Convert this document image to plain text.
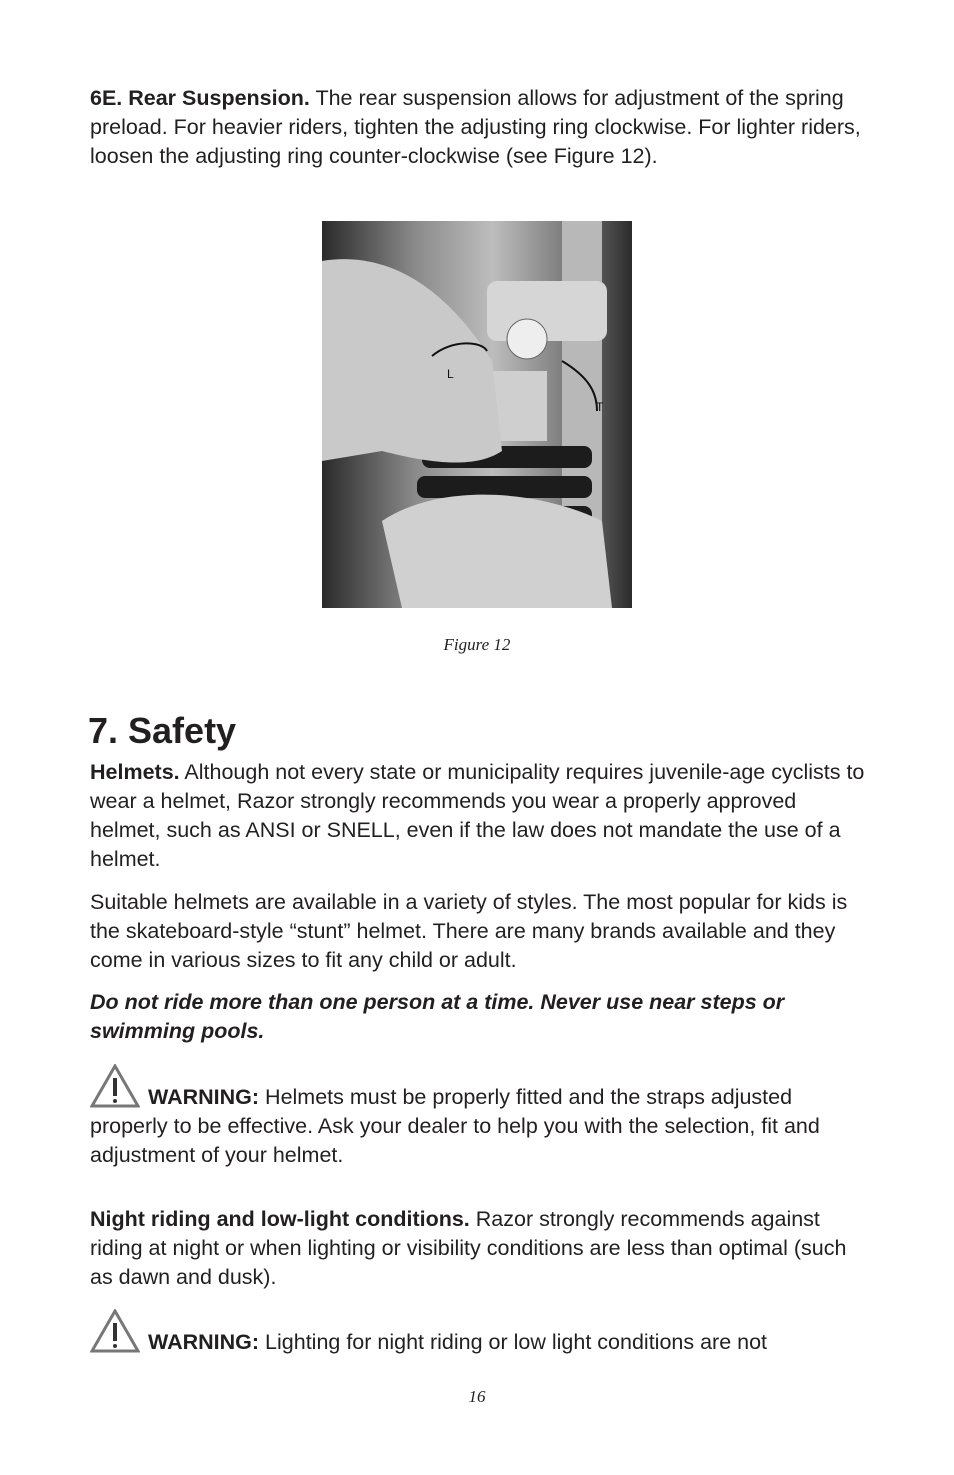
6E. Rear Suspension. The rear suspension allows for adjustment of the spring preload. For heavier riders, tighten the adjusting ring clockwise. For lighter riders, loosen the adjusting ring counter-clockwise (see Figure 12).

L
T
Figure 12
7. Safety

Helmets. Although not every state or municipality requires juvenile-age cyclists to wear a helmet, Razor strongly recommends you wear a properly approved helmet, such as ANSI or SNELL, even if the law does not mandate the use of a helmet.

Suitable helmets are available in a variety of styles. The most popular for kids is the skateboard-style “stunt” helmet. There are many brands available and they come in various sizes to fit any child or adult.

Do not ride more than one person at a time. Never use near steps or swimming pools.

WARNING: Helmets must be properly fitted and the straps adjusted properly to be effective. Ask your dealer to help you with the selection, fit and adjustment of your helmet.

Night riding and low-light conditions. Razor strongly recommends against riding at night or when lighting or visibility conditions are less than optimal (such as dawn and dusk).

WARNING: Lighting for night riding or low light conditions are not

16
